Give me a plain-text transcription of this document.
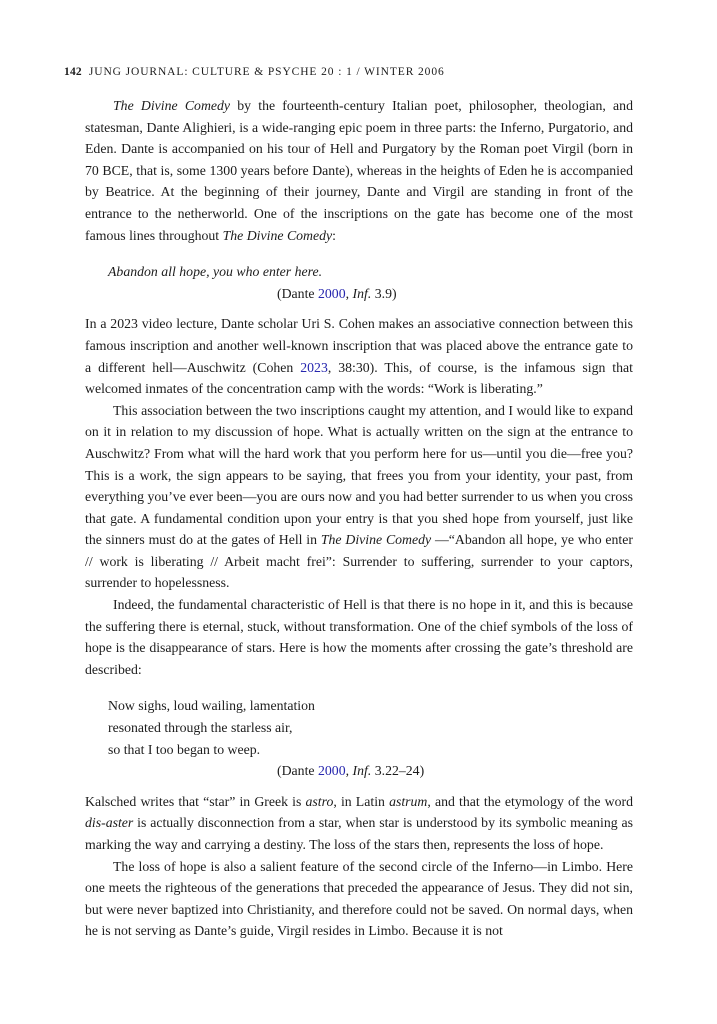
142 JUNG JOURNAL: CULTURE & PSYCHE 20 : 1 / WINTER 2006

The Divine Comedy by the fourteenth-century Italian poet, philosopher, theologian, and statesman, Dante Alighieri, is a wide-ranging epic poem in three parts: the Inferno, Purgatorio, and Eden. Dante is accompanied on his tour of Hell and Purgatory by the Roman poet Virgil (born in 70 BCE, that is, some 1300 years before Dante), whereas in the heights of Eden he is accompanied by Beatrice. At the beginning of their journey, Dante and Virgil are standing in front of the entrance to the netherworld. One of the inscriptions on the gate has become one of the most famous lines throughout The Divine Comedy:

Abandon all hope, you who enter here.

(Dante 2000, Inf. 3.9)

In a 2023 video lecture, Dante scholar Uri S. Cohen makes an associative connection between this famous inscription and another well-known inscription that was placed above the entrance gate to a different hell—Auschwitz (Cohen 2023, 38:30). This, of course, is the infamous sign that welcomed inmates of the concentration camp with the words: “Work is liberating.”

This association between the two inscriptions caught my attention, and I would like to expand on it in relation to my discussion of hope. What is actually written on the sign at the entrance to Auschwitz? From what will the hard work that you perform here for us—until you die—free you? This is a work, the sign appears to be saying, that frees you from your identity, your past, from everything you’ve ever been—you are ours now and you had better surrender to us when you cross that gate. A fundamental condition upon your entry is that you shed hope from yourself, just like the sinners must do at the gates of Hell in The Divine Comedy —“Abandon all hope, ye who enter // work is liberating // Arbeit macht frei”: Surrender to suffering, surrender to your captors, surrender to hopelessness.

Indeed, the fundamental characteristic of Hell is that there is no hope in it, and this is because the suffering there is eternal, stuck, without transformation. One of the chief symbols of the loss of hope is the disappearance of stars. Here is how the moments after crossing the gate’s threshold are described:

Now sighs, loud wailing, lamentation

resonated through the starless air,

so that I too began to weep.

(Dante 2000, Inf. 3.22–24)

Kalsched writes that “star” in Greek is astro, in Latin astrum, and that the etymology of the word dis-aster is actually disconnection from a star, when star is understood by its symbolic meaning as marking the way and carrying a destiny. The loss of the stars then, represents the loss of hope.

The loss of hope is also a salient feature of the second circle of the Inferno—in Limbo. Here one meets the righteous of the generations that preceded the appearance of Jesus. They did not sin, but were never baptized into Christianity, and therefore could not be saved. On normal days, when he is not serving as Dante’s guide, Virgil resides in Limbo. Because it is not
